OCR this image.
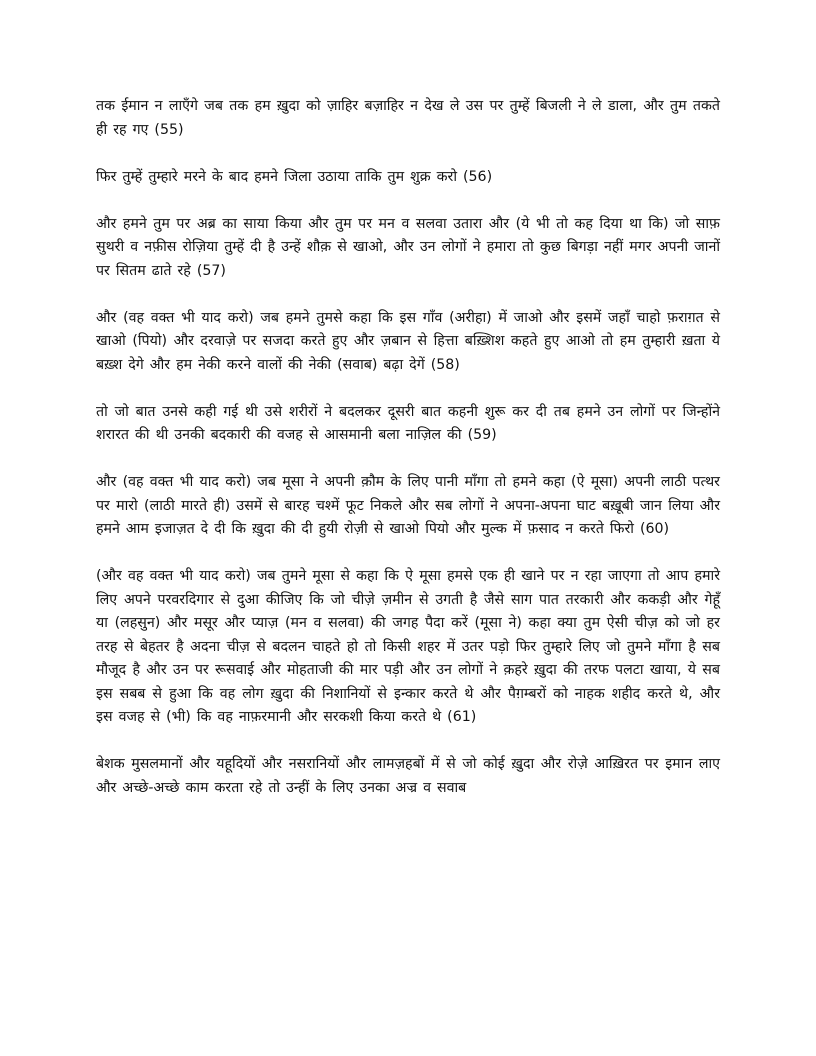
तक ईमान न लाएँगे जब तक हम ख़ुदा को ज़ाहिर बज़ाहिर न देख ले उस पर तुम्हें बिजली ने ले डाला, और तुम तकते ही रह गए (55)

फिर तुम्हें तुम्हारे मरने के बाद हमने जिला उठाया ताकि तुम शुक्र करो (56)

और हमने तुम पर अब्र का साया किया और तुम पर मन व सलवा उतारा और (ये भी तो कह दिया था कि) जो साफ़ सुथरी व नफ़ीस रोज़िया तुम्हें दी है उन्हें शौक़ से खाओ, और उन लोगों ने हमारा तो कुछ बिगड़ा नहीं मगर अपनी जानों पर सितम ढाते रहे (57)

और (वह वक्त भी याद करो) जब हमने तुमसे कहा कि इस गाँव (अरीहा) में जाओ और इसमें जहाँ चाहो फ़राग़त से खाओ (पियो) और दरवाज़े पर सजदा करते हुए और ज़बान से हित्ता बख़्शिश कहते हुए आओ तो हम तुम्हारी ख़ता ये बख़्श देगे और हम नेकी करने वालों की नेकी (सवाब) बढ़ा देगें (58)

तो जो बात उनसे कही गई थी उसे शरीरों ने बदलकर दूसरी बात कहनी शुरू कर दी तब हमने उन लोगों पर जिन्होंने शरारत की थी उनकी बदकारी की वजह से आसमानी बला नाज़िल की (59)

और (वह वक्त भी याद करो) जब मूसा ने अपनी क़ौम के लिए पानी माँगा तो हमने कहा (ऐ मूसा) अपनी लाठी पत्थर पर मारो (लाठी मारते ही) उसमें से बारह चश्में फूट निकले और सब लोगों ने अपना-अपना घाट बख़ूबी जान लिया और हमने आम इजाज़त दे दी कि ख़ुदा की दी हुयी रोज़ी से खाओ पियो और मुल्क में फ़साद न करते फिरो (60)

(और वह वक्त भी याद करो) जब तुमने मूसा से कहा कि ऐ मूसा हमसे एक ही खाने पर न रहा जाएगा तो आप हमारे लिए अपने परवरदिगार से दुआ कीजिए कि जो चीज़े ज़मीन से उगती है जैसे साग पात तरकारी और ककड़ी और गेहूँ या (लहसुन) और मसूर और प्याज़ (मन व सलवा) की जगह पैदा करें (मूसा ने) कहा क्या तुम ऐसी चीज़ को जो हर तरह से बेहतर है अदना चीज़ से बदलन चाहते हो तो किसी शहर में उतर पड़ो फिर तुम्हारे लिए जो तुमने माँगा है सब मौजूद है और उन पर रूसवाई और मोहताजी की मार पड़ी और उन लोगों ने क़हरे ख़ुदा की तरफ पलटा खाया, ये सब इस सबब से हुआ कि वह लोग ख़ुदा की निशानियों से इन्कार करते थे और पैग़म्बरों को नाहक शहीद करते थे, और इस वजह से (भी) कि वह नाफ़रमानी और सरकशी किया करते थे (61)

बेशक मुसलमानों और यहूदियों और नसरानियों और लामज़हबों में से जो कोई ख़ुदा और रोज़े आख़िरत पर इमान लाए और अच्छे-अच्छे काम करता रहे तो उन्हीं के लिए उनका अज्र व सवाब
